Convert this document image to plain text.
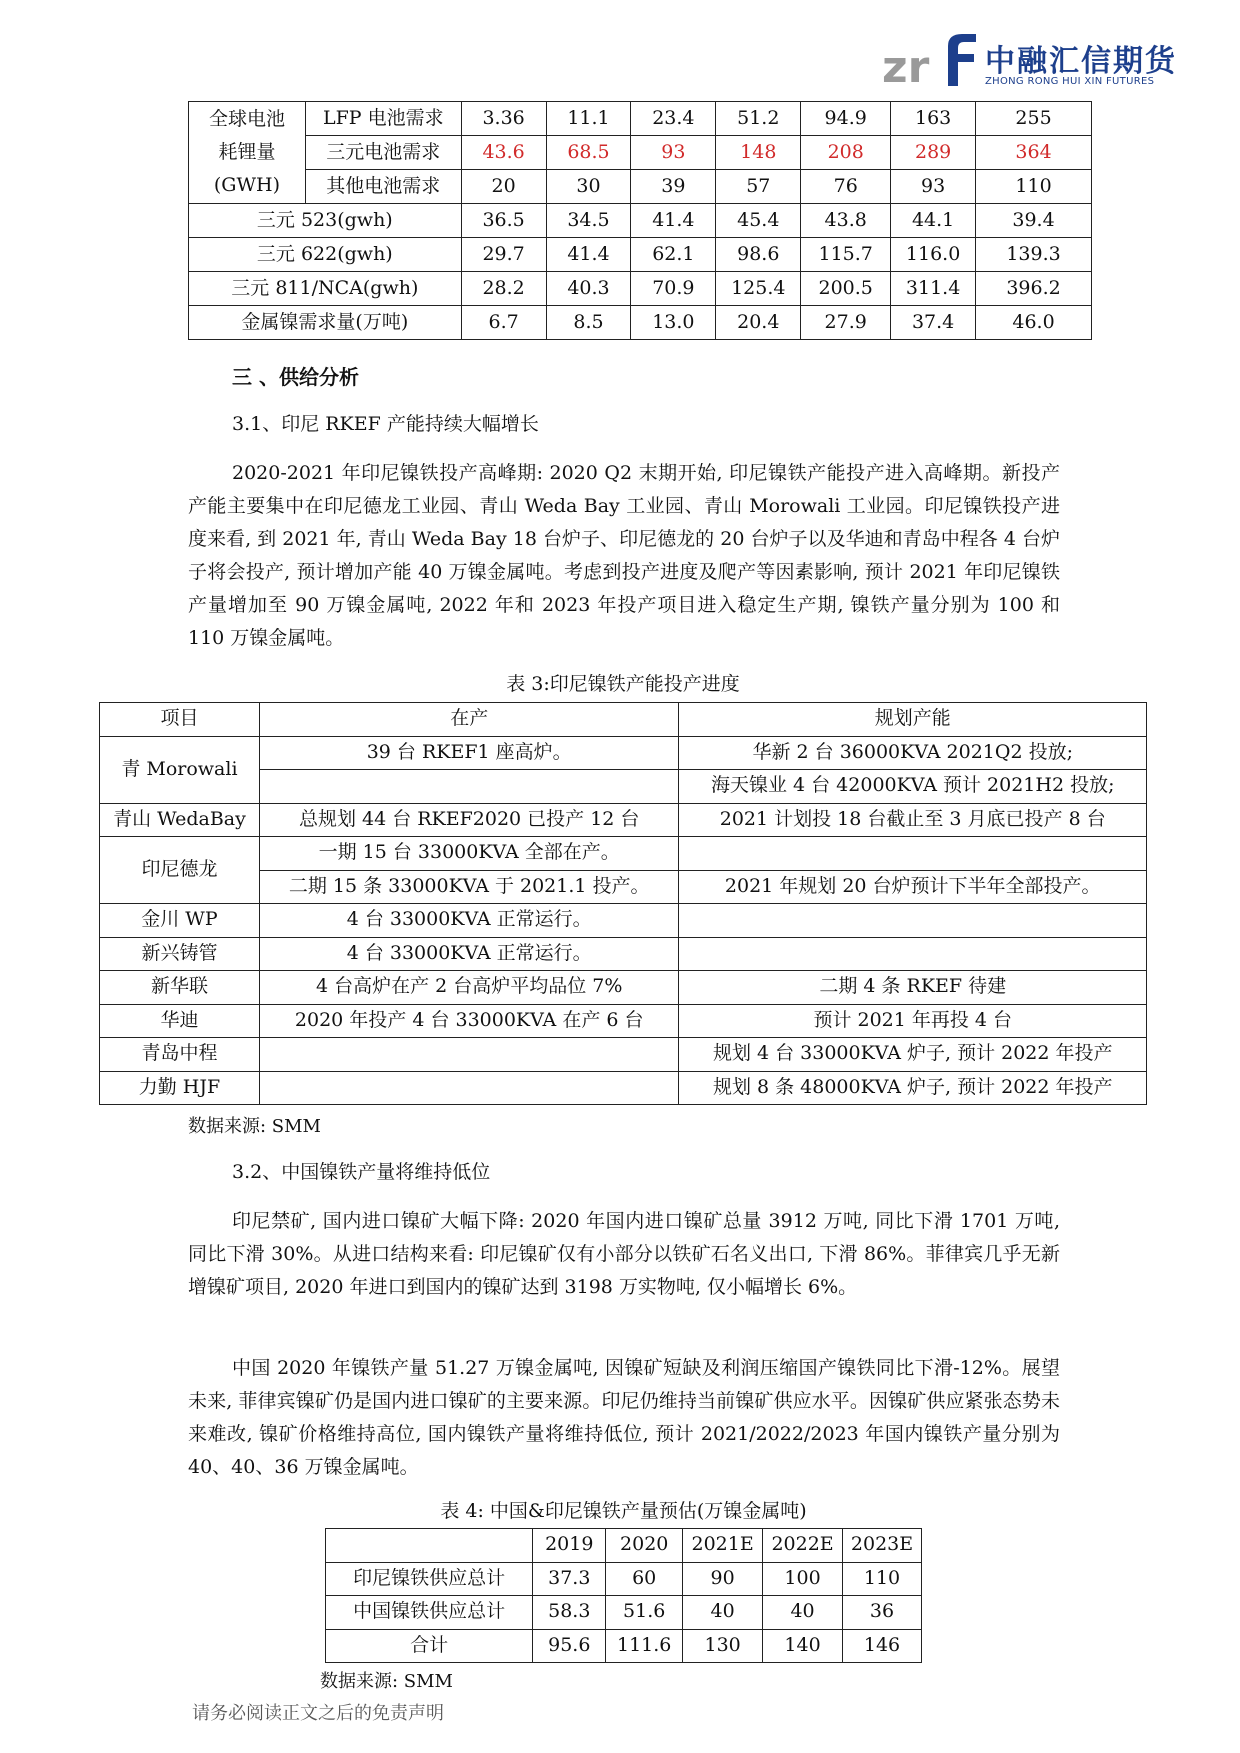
zr 中融汇信期货
ZHONG RONG HUI XIN FUTURES
全球电池
耗锂量
(GWH)	LFP 电池需求	3.36	11.1	23.4	51.2	94.9	163	255
	三元电池需求	43.6	68.5	93	148	208	289	364
	其他电池需求	20	30	39	57	76	93	110
三元 523(gwh)		36.5	34.5	41.4	45.4	43.8	44.1	39.4
三元 622(gwh)		29.7	41.4	62.1	98.6	115.7	116.0	139.3
三元 811/NCA(gwh)		28.2	40.3	70.9	125.4	200.5	311.4	396.2
金属镍需求量(万吨)		6.7	8.5	13.0	20.4	27.9	37.4	46.0
三 、供给分析
3.1、印尼 RKEF 产能持续大幅增长
2020-2021 年印尼镍铁投产高峰期: 2020 Q2 末期开始, 印尼镍铁产能投产进入高峰期。新投产产能主要集中在印尼德龙工业园、青山 Weda Bay 工业园、青山 Morowali 工业园。印尼镍铁投产进度来看, 到 2021 年, 青山 Weda Bay 18 台炉子、印尼德龙的 20 台炉子以及华迪和青岛中程各 4 台炉子将会投产, 预计增加产能 40 万镍金属吨。考虑到投产进度及爬产等因素影响, 预计 2021 年印尼镍铁产量增加至 90 万镍金属吨, 2022 年和 2023 年投产项目进入稳定生产期, 镍铁产量分别为 100 和 110 万镍金属吨。
表 3:印尼镍铁产能投产进度
项目	在产	规划产能
青 Morowali	39 台 RKEF1 座高炉。	华新 2 台 36000KVA 2021Q2 投放;
		海天镍业 4 台 42000KVA 预计 2021H2 投放;
青山 WedaBay	总规划 44 台 RKEF2020 已投产 12 台	2021 计划投 18 台截止至 3 月底已投产 8 台
印尼德龙	一期 15 台 33000KVA 全部在产。	
	二期 15 条 33000KVA 于 2021.1 投产。	2021 年规划 20 台炉预计下半年全部投产。
金川 WP	4 台 33000KVA 正常运行。	
新兴铸管	4 台 33000KVA 正常运行。	
新华联	4 台高炉在产 2 台高炉平均品位 7%	二期 4 条 RKEF 待建
华迪	2020 年投产 4 台 33000KVA 在产 6 台	预计 2021 年再投 4 台
青岛中程		规划 4 台 33000KVA 炉子, 预计 2022 年投产
力勤 HJF		规划 8 条 48000KVA 炉子, 预计 2022 年投产
数据来源: SMM
3.2、中国镍铁产量将维持低位
印尼禁矿, 国内进口镍矿大幅下降: 2020 年国内进口镍矿总量 3912 万吨, 同比下滑 1701 万吨, 同比下滑 30%。从进口结构来看: 印尼镍矿仅有小部分以铁矿石名义出口, 下滑 86%。菲律宾几乎无新增镍矿项目, 2020 年进口到国内的镍矿达到 3198 万实物吨, 仅小幅增长 6%。
中国 2020 年镍铁产量 51.27 万镍金属吨, 因镍矿短缺及利润压缩国产镍铁同比下滑-12%。展望未来, 菲律宾镍矿仍是国内进口镍矿的主要来源。印尼仍维持当前镍矿供应水平。因镍矿供应紧张态势未来难改, 镍矿价格维持高位, 国内镍铁产量将维持低位, 预计 2021/2022/2023 年国内镍铁产量分别为 40、40、36 万镍金属吨。
表 4: 中国&印尼镍铁产量预估(万镍金属吨)
	2019	2020	2021E	2022E	2023E
印尼镍铁供应总计	37.3	60	90	100	110
中国镍铁供应总计	58.3	51.6	40	40	36
合计	95.6	111.6	130	140	146
数据来源: SMM
请务必阅读正文之后的免责声明
